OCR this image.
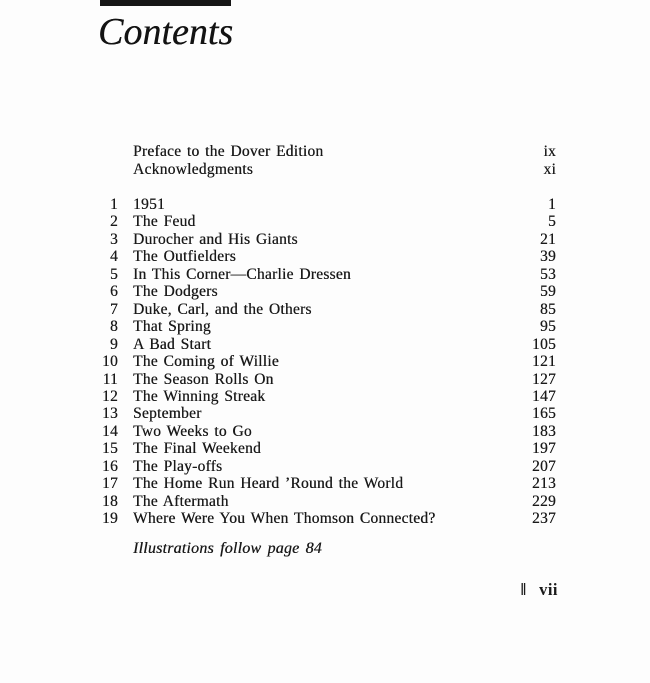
Contents
Preface to the Dover Edition	ix
Acknowledgments	xi
1 1951	1
2 The Feud	5
3 Durocher and His Giants	21
4 The Outfielders	39
5 In This Corner—Charlie Dressen	53
6 The Dodgers	59
7 Duke, Carl, and the Others	85
8 That Spring	95
9 A Bad Start	105
10 The Coming of Willie	121
11 The Season Rolls On	127
12 The Winning Streak	147
13 September	165
14 Two Weeks to Go	183
15 The Final Weekend	197
16 The Play-offs	207
17 The Home Run Heard ’Round the World	213
18 The Aftermath	229
19 Where Were You When Thomson Connected?	237
Illustrations follow page 84
‖ vii
